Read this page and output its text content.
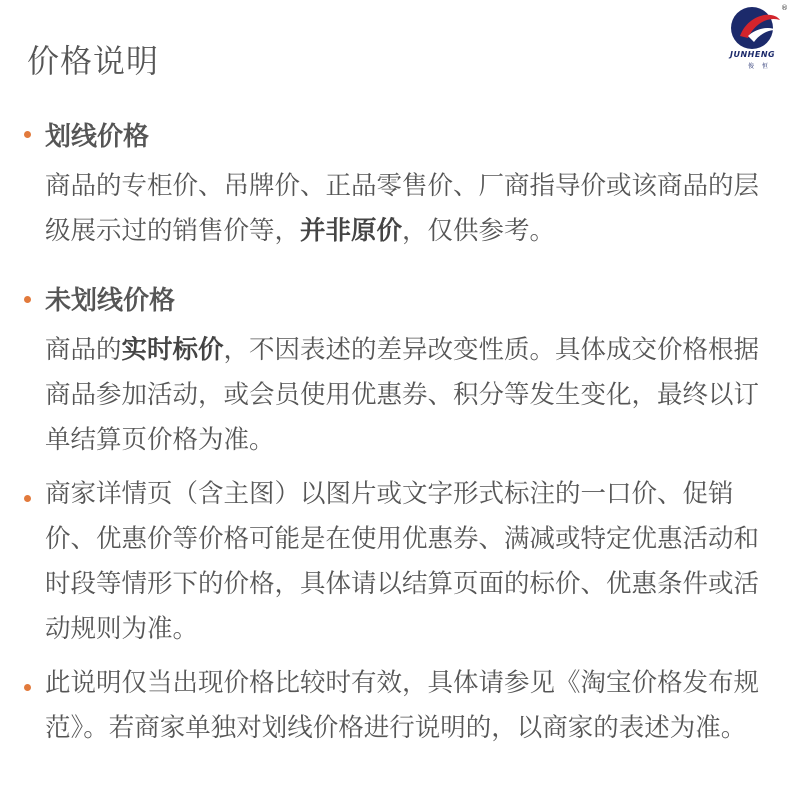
价格说明
®
JUNHENG
俊 恒
划线价格
商品的专柜价、吊牌价、正品零售价、厂商指导价或该商品的层
级展示过的销售价等，并非原价，仅供参考。
未划线价格
商品的实时标价，不因表述的差异改变性质。具体成交价格根据
商品参加活动，或会员使用优惠券、积分等发生变化，最终以订
单结算页价格为准。
商家详情页（含主图）以图片或文字形式标注的一口价、促销
价、优惠价等价格可能是在使用优惠券、满减或特定优惠活动和
时段等情形下的价格，具体请以结算页面的标价、优惠条件或活
动规则为准。
此说明仅当出现价格比较时有效，具体请参见《淘宝价格发布规
范》。若商家单独对划线价格进行说明的，以商家的表述为准。
